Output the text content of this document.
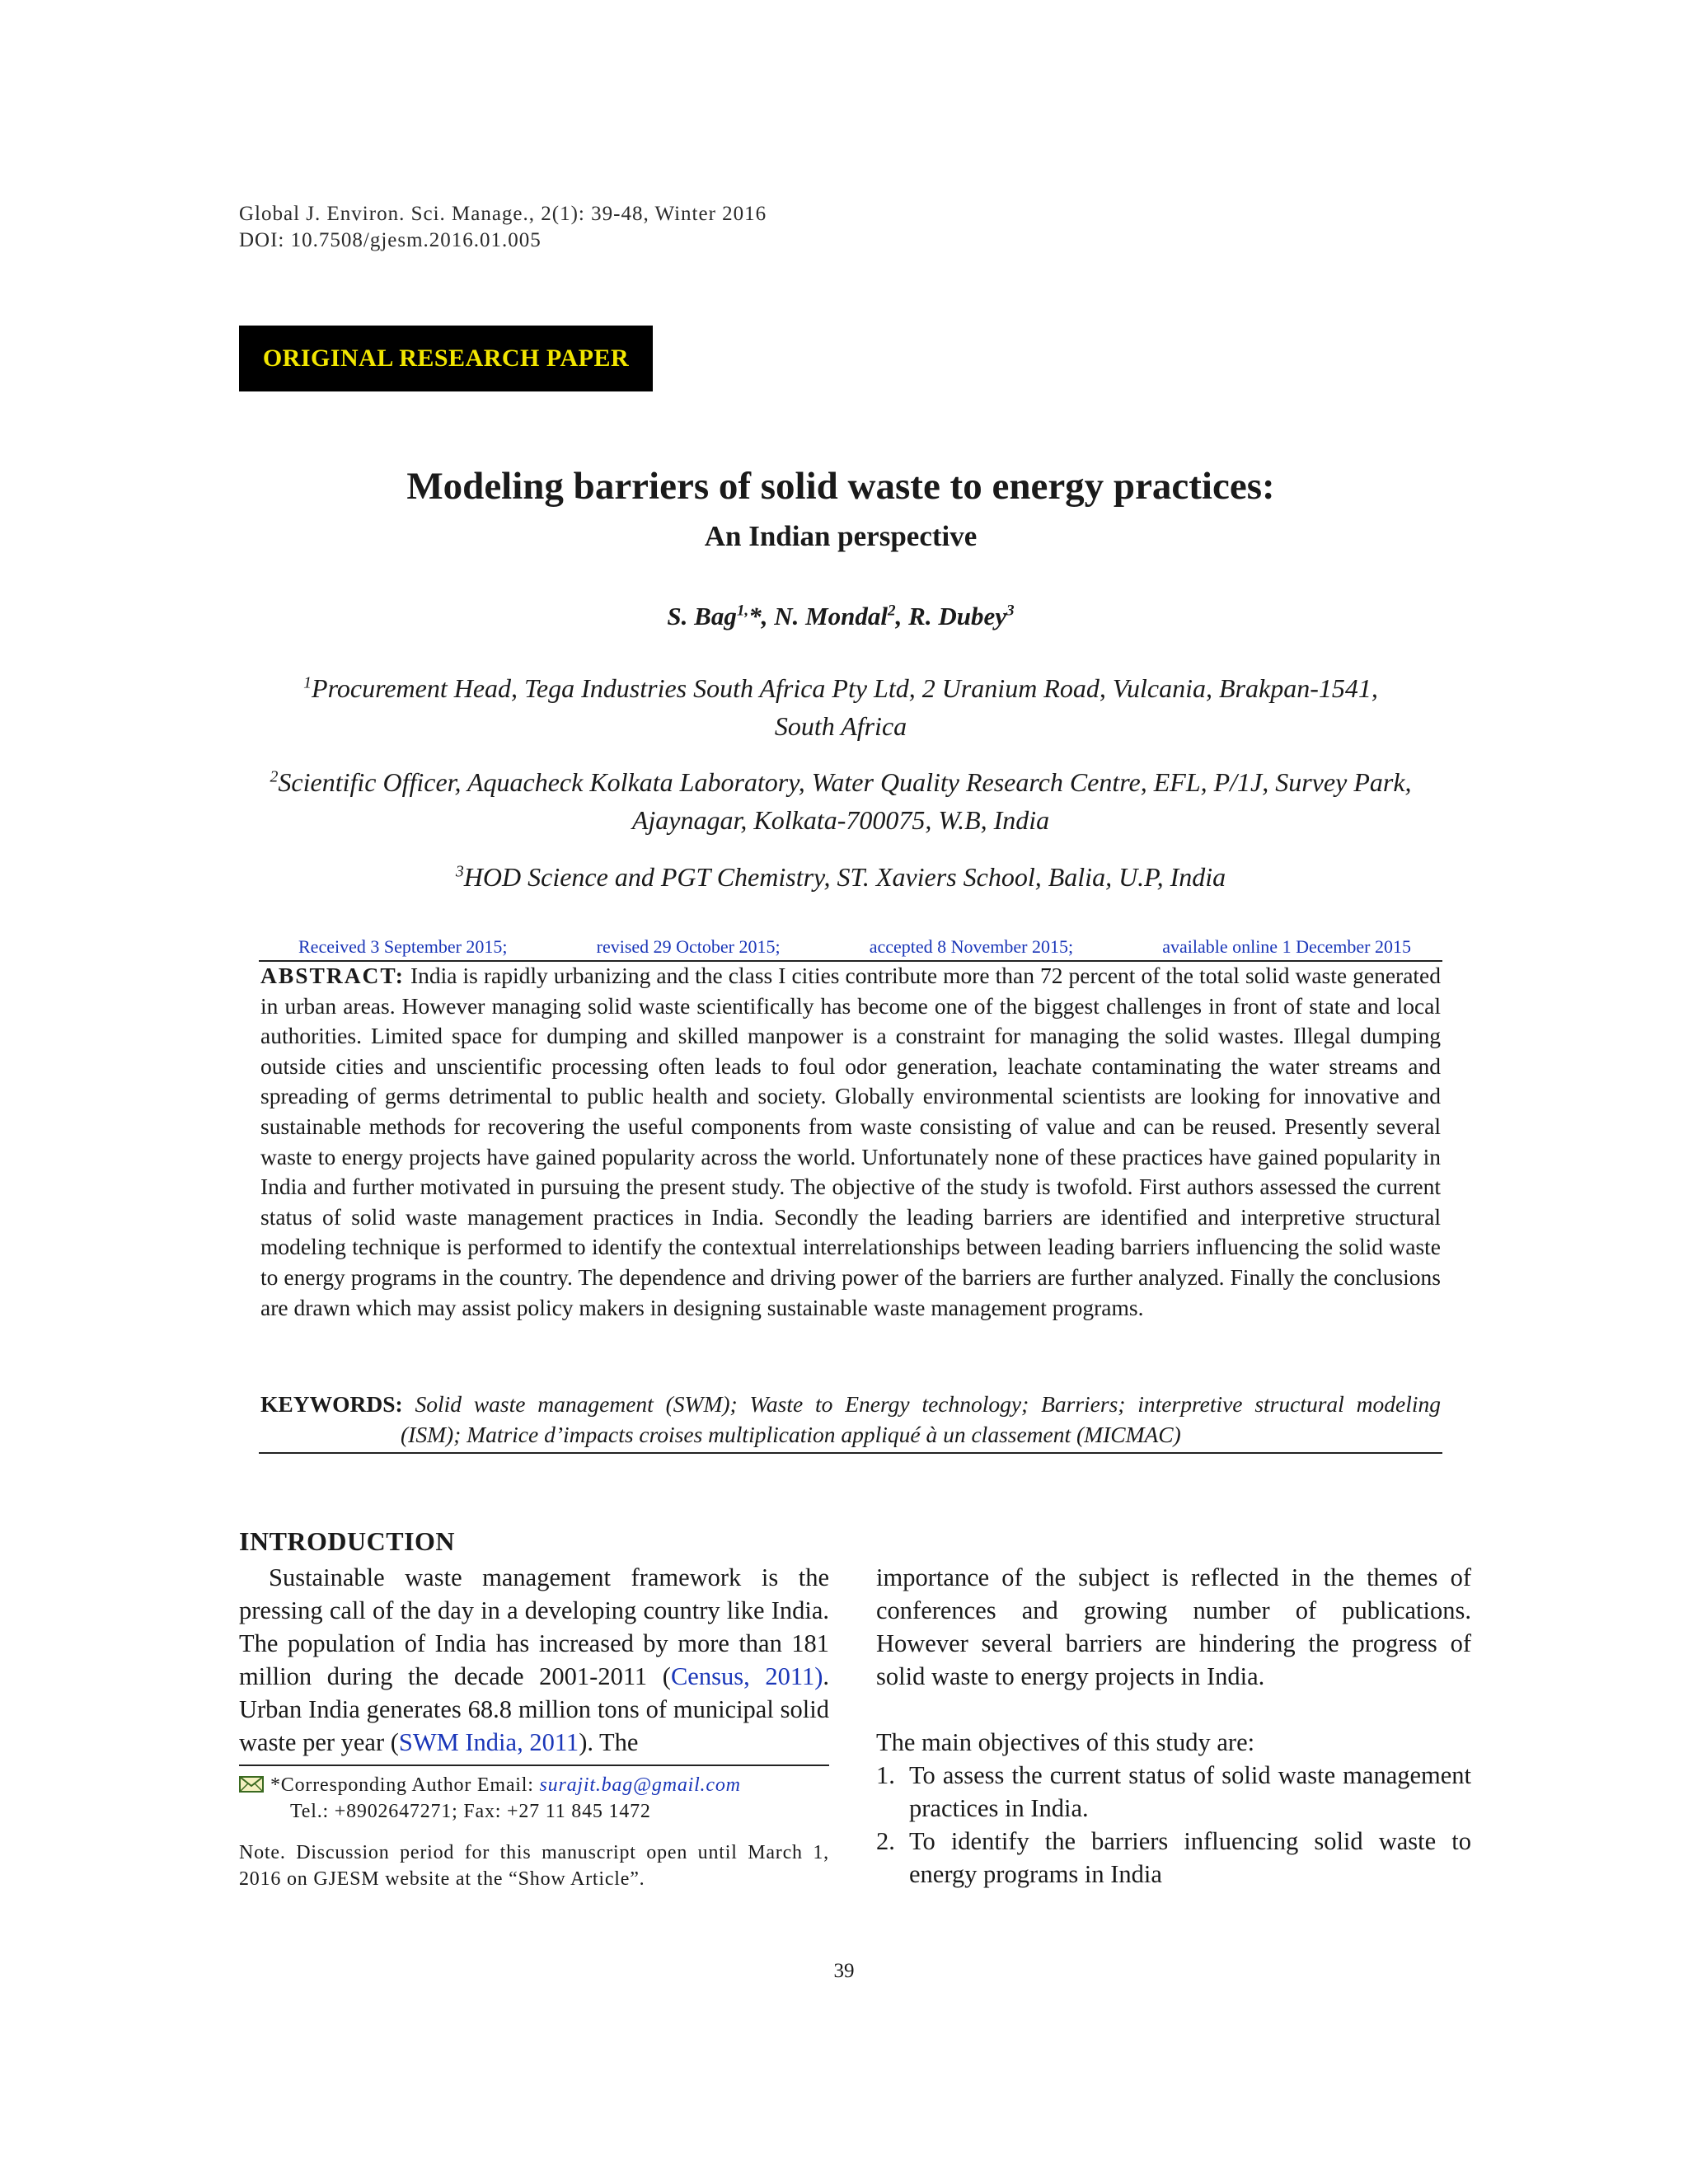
Global J. Environ. Sci. Manage., 2(1): 39-48, Winter 2016
DOI: 10.7508/gjesm.2016.01.005
ORIGINAL RESEARCH PAPER
Modeling barriers of solid waste to energy practices:
An Indian perspective
S. Bag$^{1,}$*, N. Mondal$^2$, R. Dubey$^3$
$^1$Procurement Head, Tega Industries South Africa Pty Ltd, 2 Uranium Road, Vulcania, Brakpan-1541,
South Africa
$^2$Scientific Officer, Aquacheck Kolkata Laboratory, Water Quality Research Centre, EFL, P/1J, Survey Park,
Ajaynagar, Kolkata-700075, W.B, India
$^3$HOD Science and PGT Chemistry, ST. Xaviers School, Balia, U.P, India
Received 3 September 2015;	revised 29 October 2015;	accepted 8 November 2015;	available online 1 December 2015
ABSTRACT: India is rapidly urbanizing and the class I cities contribute more than 72 percent of the total solid waste generated in urban areas. However managing solid waste scientifically has become one of the biggest challenges in front of state and local authorities. Limited space for dumping and skilled manpower is a constraint for managing the solid wastes. Illegal dumping outside cities and unscientific processing often leads to foul odor generation, leachate contaminating the water streams and spreading of germs detrimental to public health and society. Globally environmental scientists are looking for innovative and sustainable methods for recovering the useful components from waste consisting of value and can be reused. Presently several waste to energy projects have gained popularity across the world. Unfortunately none of these practices have gained popularity in India and further motivated in pursuing the present study. The objective of the study is twofold. First authors assessed the current status of solid waste management practices in India. Secondly the leading barriers are identified and interpretive structural modeling technique is performed to identify the contextual interrelationships between leading barriers influencing the solid waste to energy programs in the country. The dependence and driving power of the barriers are further analyzed. Finally the conclusions are drawn which may assist policy makers in designing sustainable waste management programs.
KEYWORDS: Solid waste management (SWM); Waste to Energy technology; Barriers; interpretive structural modeling
(ISM); Matrice d’impacts croises multiplication appliqué à un classement (MICMAC)
INTRODUCTION

Sustainable waste management framework is the pressing call of the day in a developing country like India. The population of India has increased by more than 181 million during the decade 2001-2011 (Census, 2011). Urban India generates 68.8 million tons of municipal solid waste per year (SWM India, 2011). The

*Corresponding Author Email: surajit.bag@gmail.com
Tel.: +8902647271; Fax: +27 11 845 1472
Note. Discussion period for this manuscript open until March 1, 2016 on GJESM website at the “Show Article”.

importance of the subject is reflected in the themes of conferences and growing number of publications. However several barriers are hindering the progress of solid waste to energy projects in India.

The main objectives of this study are:

1. To assess the current status of solid waste management practices in India.
2. To identify the barriers influencing solid waste to energy programs in India
39
